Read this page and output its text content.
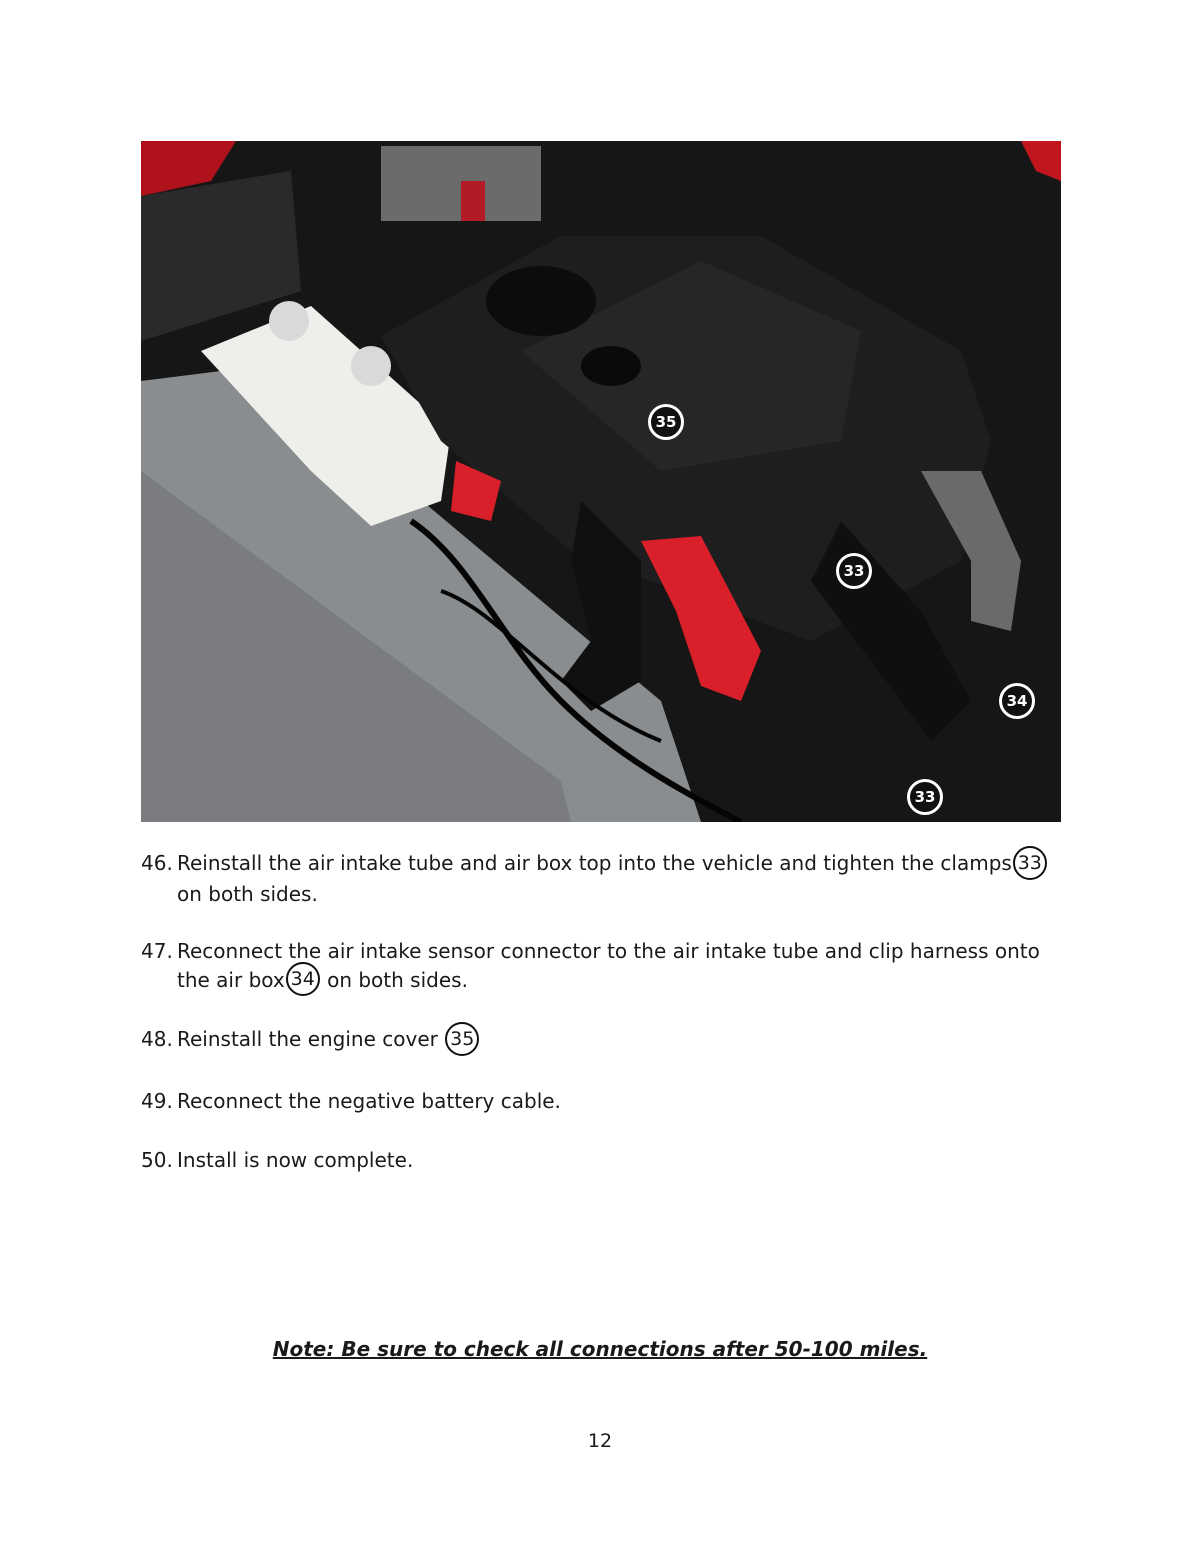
35
33
34
33
46. Reinstall the air intake tube and air box top into the vehicle and tighten the clamps 33 on both sides.
47. Reconnect the air intake sensor connector to the air intake tube and clip harness onto the air box 34 on both sides.
48. Reinstall the engine cover 35
49. Reconnect the negative battery cable.
50. Install is now complete.
Note: Be sure to check all connections after 50-100 miles.
12
